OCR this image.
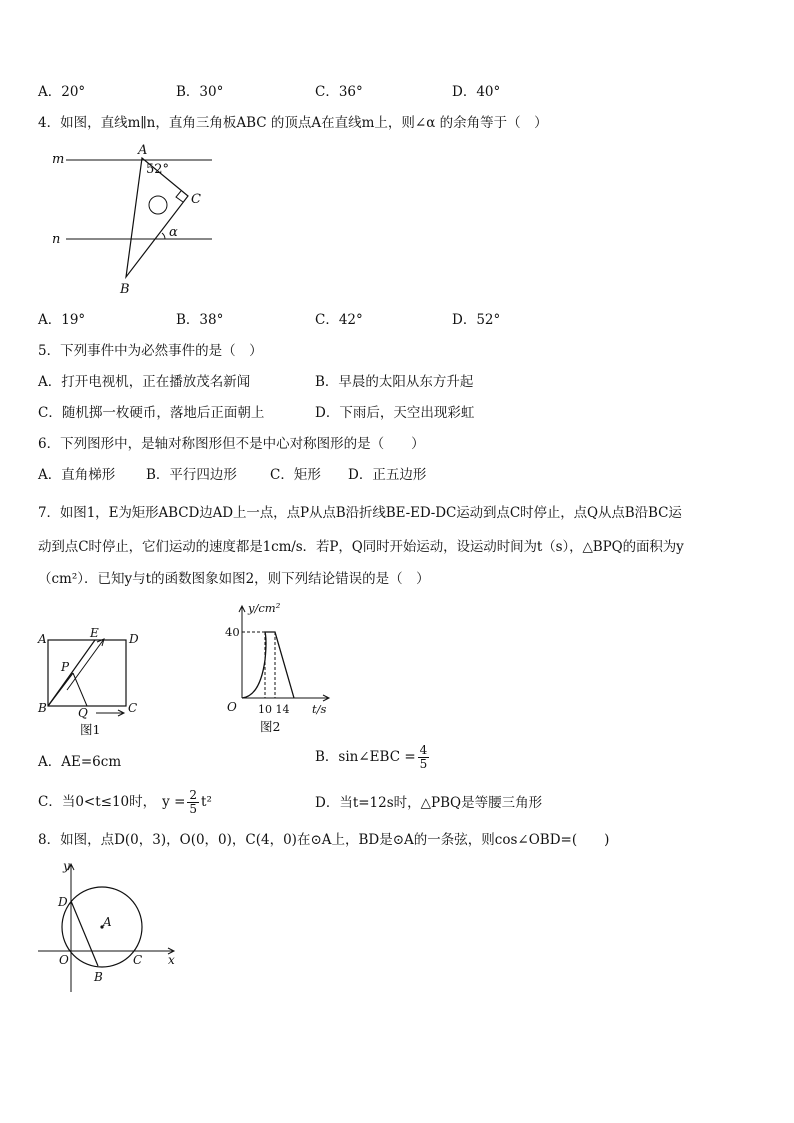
A．20°	B．30°	C．36°	D．40°
4．如图，直线m∥n，直角三角板ABC 的顶点A在直线m上，则∠α 的余角等于（　）
m
n
A
B
C
52°
α
A．19°	B．38°	C．42°	D．52°
5．下列事件中为必然事件的是（　）
A．打开电视机，正在播放茂名新闻	B．早晨的太阳从东方升起
C．随机掷一枚硬币，落地后正面朝上	D．下雨后，天空出现彩虹
6．下列图形中，是轴对称图形但不是中心对称图形的是（　　）
A．直角梯形 B．平行四边形 C．矩形 D．正五边形
7．如图1，E为矩形ABCD边AD上一点，点P从点B沿折线BE-ED-DC运动到点C时停止，点Q从点B沿BC运
动到点C时停止，它们运动的速度都是1cm/s．若P，Q同时开始运动，设运动时间为t（s），△BPQ的面积为y
（cm²）．已知y与t的函数图象如图2，则下列结论错误的是（　）
A	E	D
P
B	Q	C
图1
y/cm²
40
O 10 14 t/s
图2
A．AE=6cm	B．sin∠EBC = $\frac{4}{5}$
C．当0<t≤10时， $y = \frac{2}{5} t^2$	D．当t=12s时，△PBQ是等腰三角形
8．如图，点D(0，3)，O(0，0)，C(4，0)在⊙A上，BD是⊙A的一条弦，则cos∠OBD=(　　)
y
x
D
A
O	C
B
